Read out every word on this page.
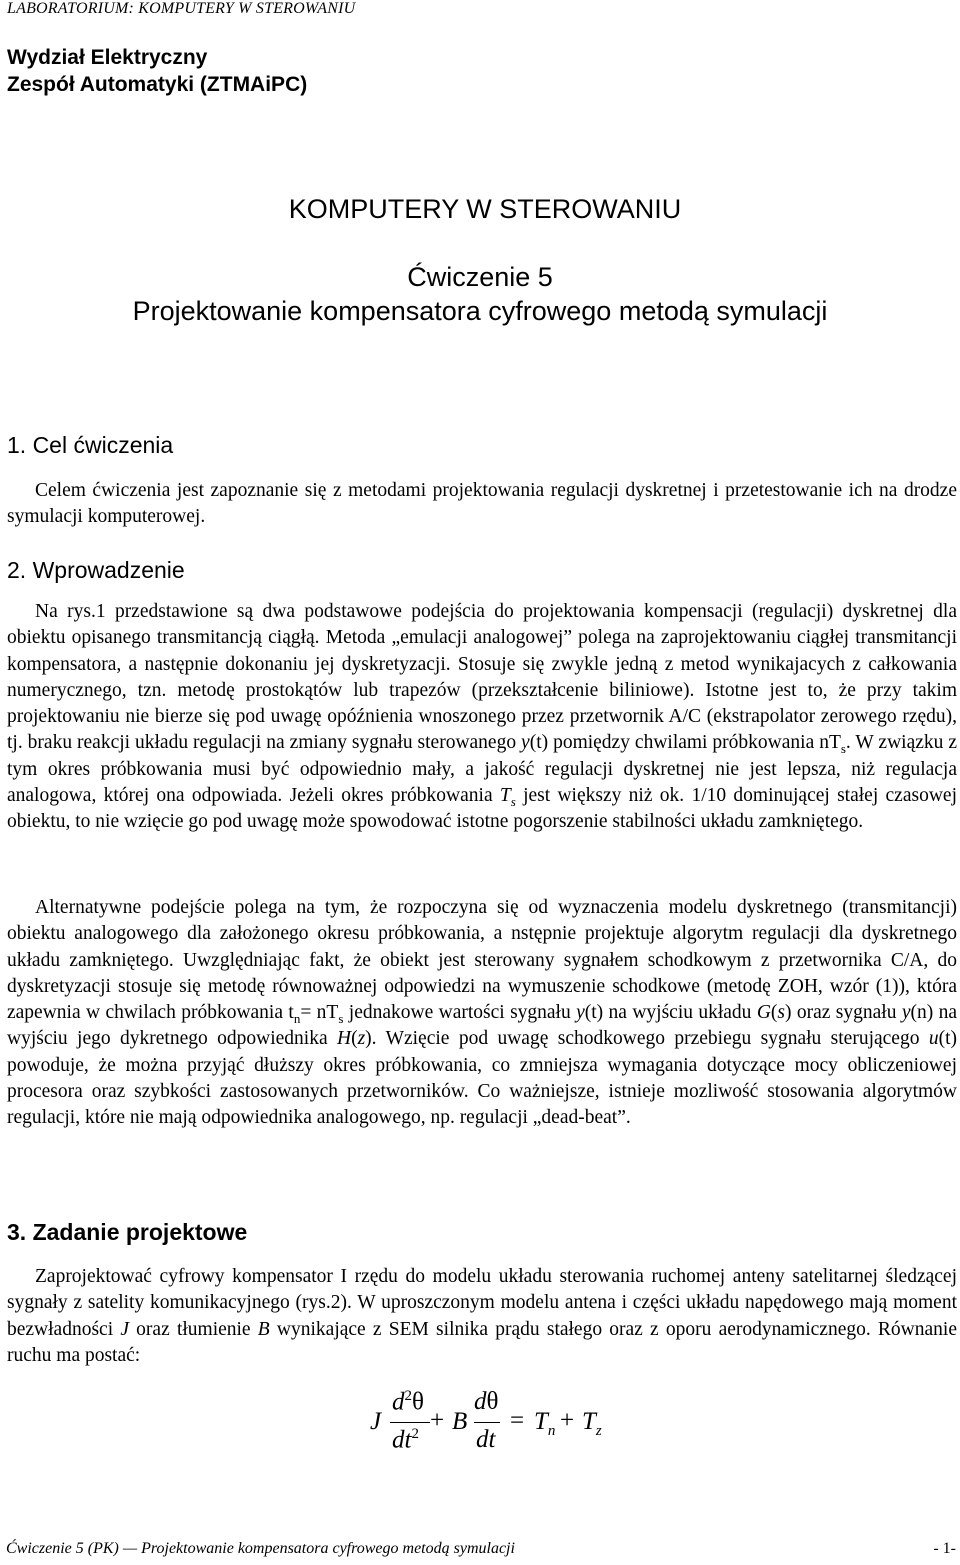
LABORATORIUM: KOMPUTERY W STEROWANIU
Wydział Elektryczny
Zespół Automatyki (ZTMAiPC)
KOMPUTERY W STEROWANIU
Ćwiczenie 5
Projektowanie kompensatora cyfrowego metodą symulacji
1. Cel ćwiczenia
Celem ćwiczenia jest zapoznanie się z metodami projektowania regulacji dyskretnej i przetestowanie ich na drodze symulacji komputerowej.
2. Wprowadzenie
Na rys.1 przedstawione są dwa podstawowe podejścia do projektowania kompensacji (regulacji) dyskretnej dla obiektu opisanego transmitancją ciągłą. Metoda „emulacji analogowej” polega na zaprojektowaniu ciągłej transmitancji kompensatora, a następnie dokonaniu jej dyskretyzacji. Stosuje się zwykle jedną z metod wynikajacych z całkowania numerycznego, tzn. metodę prostokątów lub trapezów (przekształcenie biliniowe). Istotne jest to, że przy takim projektowaniu nie bierze się pod uwagę opóźnienia wnoszonego przez przetwornik A/C (ekstrapolator zerowego rzędu), tj. braku reakcji układu regulacji na zmiany sygnału sterowanego y(t) pomiędzy chwilami próbkowania $nT_s$. W związku z tym okres próbkowania musi być odpowiednio mały, a jakość regulacji dyskretnej nie jest lepsza, niż regulacja analogowa, której ona odpowiada. Jeżeli okres próbkowania $T_s$ jest większy niż ok. 1/10 dominującej stałej czasowej obiektu, to nie wzięcie go pod uwagę może spowodować istotne pogorszenie stabilności układu zamkniętego.
Alternatywne podejście polega na tym, że rozpoczyna się od wyznaczenia modelu dyskretnego (transmitancji) obiektu analogowego dla założonego okresu próbkowania, a nstępnie projektuje algorytm regulacji dla dyskretnego układu zamkniętego. Uwzględniając fakt, że obiekt jest sterowany sygnałem schodkowym z przetwornika C/A, do dyskretyzacji stosuje się metodę równoważnej odpowiedzi na wymuszenie schodkowe (metodę ZOH, wzór (1)), która zapewnia w chwilach próbkowania $t_n= nT_s$ jednakowe wartości sygnału y(t) na wyjściu układu G(s) oraz sygnału y(n) na wyjściu jego dykretnego odpowiednika H(z). Wzięcie pod uwagę schodkowego przebiegu sygnału sterującego u(t) powoduje, że można przyjąć dłuższy okres próbkowania, co zmniejsza wymagania dotyczące mocy obliczeniowej procesora oraz szybkości zastosowanych przetworników. Co ważniejsze, istnieje mozliwość stosowania algorytmów regulacji, które nie mają odpowiednika analogowego, np. regulacji „dead-beat”.
3. Zadanie projektowe
Zaprojektować cyfrowy kompensator I rzędu do modelu układu sterowania ruchomej anteny satelitarnej śledzącej sygnały z satelity komunikacyjnego (rys.2). W uproszczonym modelu antena i części układu napędowego mają moment bezwładności J oraz tłumienie B wynikające z SEM silnika prądu stałego oraz z oporu aerodynamicznego. Równanie ruchu ma postać:
J
$d^2\theta$
$dt^2 + B$
dθ
dt
= $T_n + T_z$
Ćwiczenie 5 (PK) — Projektowanie kompensatora cyfrowego metodą symulacji	- 1-
